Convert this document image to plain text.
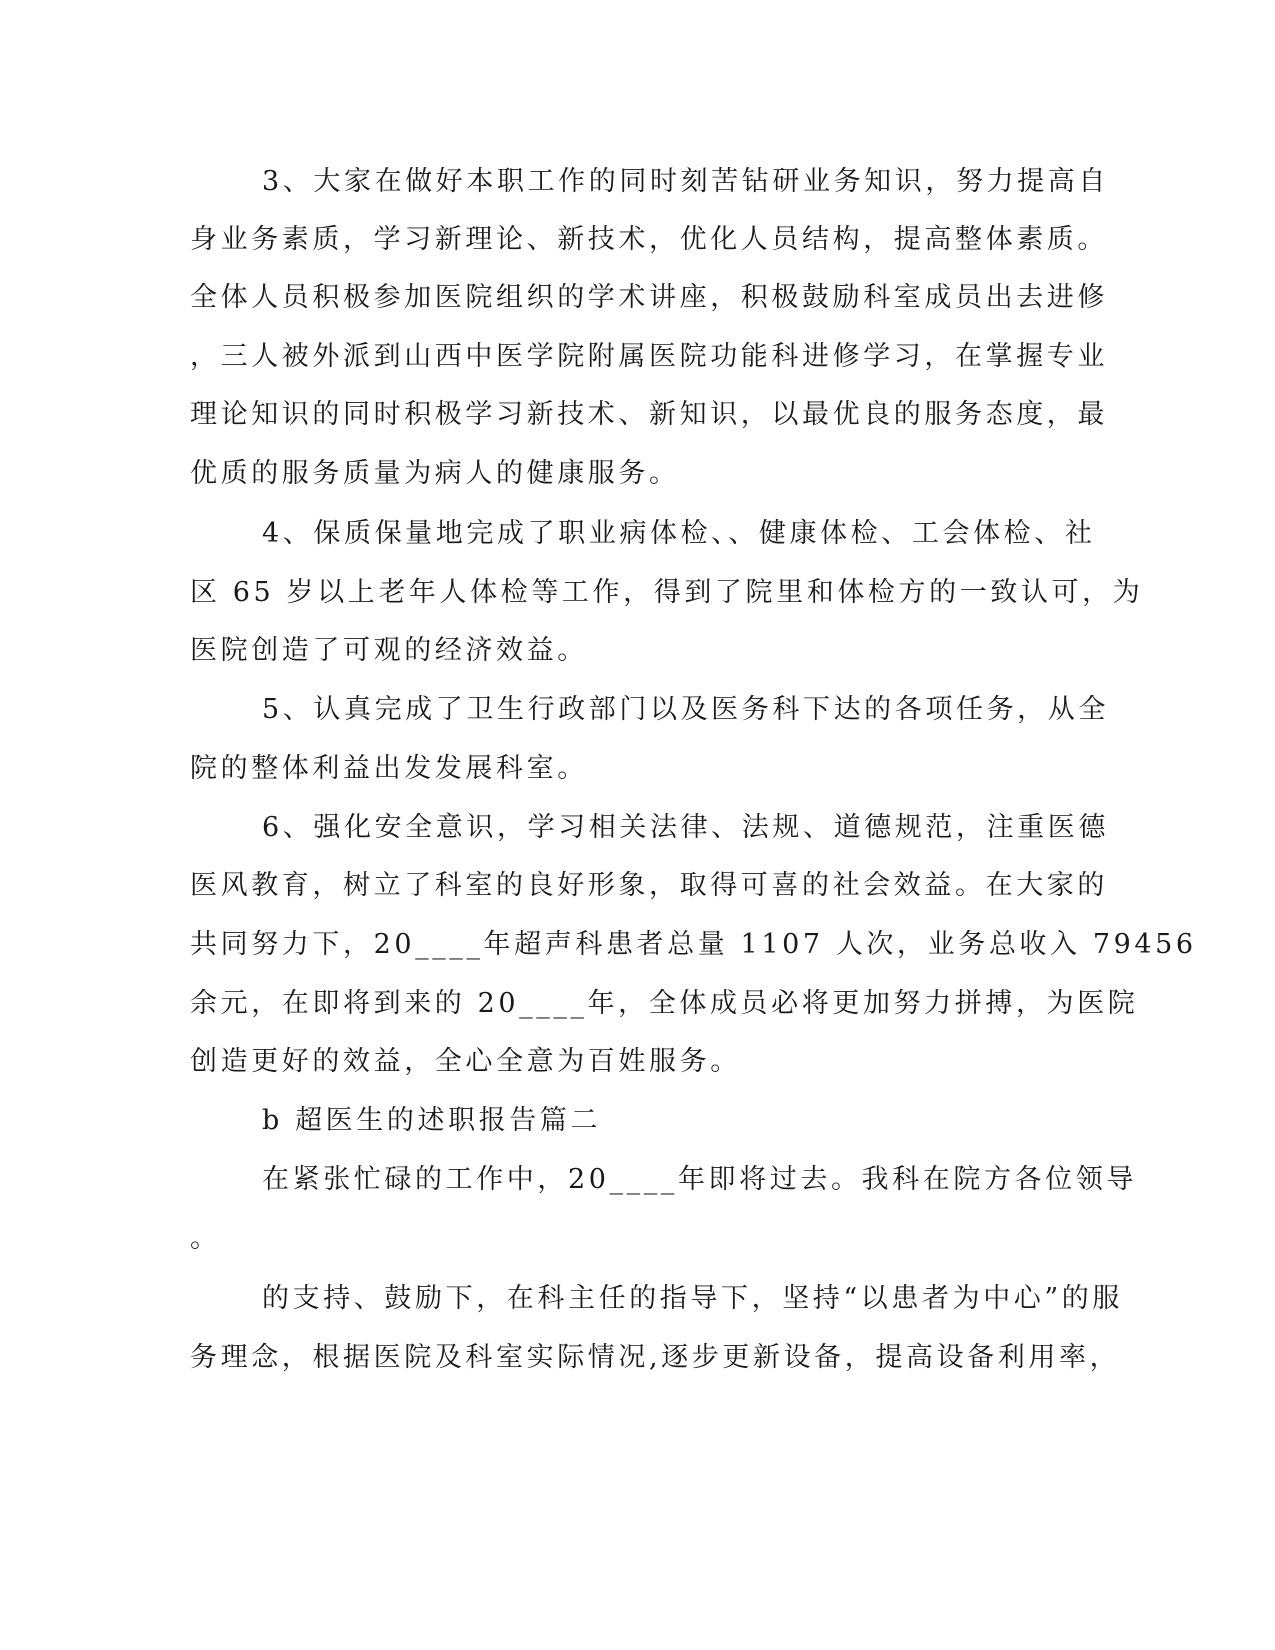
3、大家在做好本职工作的同时刻苦钻研业务知识，努力提高自
身业务素质，学习新理论、新技术，优化人员结构，提高整体素质。
全体人员积极参加医院组织的学术讲座，积极鼓励科室成员出去进修
，三人被外派到山西中医学院附属医院功能科进修学习，在掌握专业
理论知识的同时积极学习新技术、新知识，以最优良的服务态度，最
优质的服务质量为病人的健康服务。
4、保质保量地完成了职业病体检、、健康体检、工会体检、社
区 65 岁以上老年人体检等工作，得到了院里和体检方的一致认可，为
医院创造了可观的经济效益。
5、认真完成了卫生行政部门以及医务科下达的各项任务，从全
院的整体利益出发发展科室。
6、强化安全意识，学习相关法律、法规、道德规范，注重医德
医风教育，树立了科室的良好形象，取得可喜的社会效益。在大家的
共同努力下，20____年超声科患者总量 1107 人次，业务总收入 79456
余元，在即将到来的 20____年，全体成员必将更加努力拼搏，为医院
创造更好的效益，全心全意为百姓服务。
b 超医生的述职报告篇二
在紧张忙碌的工作中，20____年即将过去。我科在院方各位领导
。
的支持、鼓励下，在科主任的指导下，坚持“以患者为中心”的服
务理念，根据医院及科室实际情况,逐步更新设备，提高设备利用率，
